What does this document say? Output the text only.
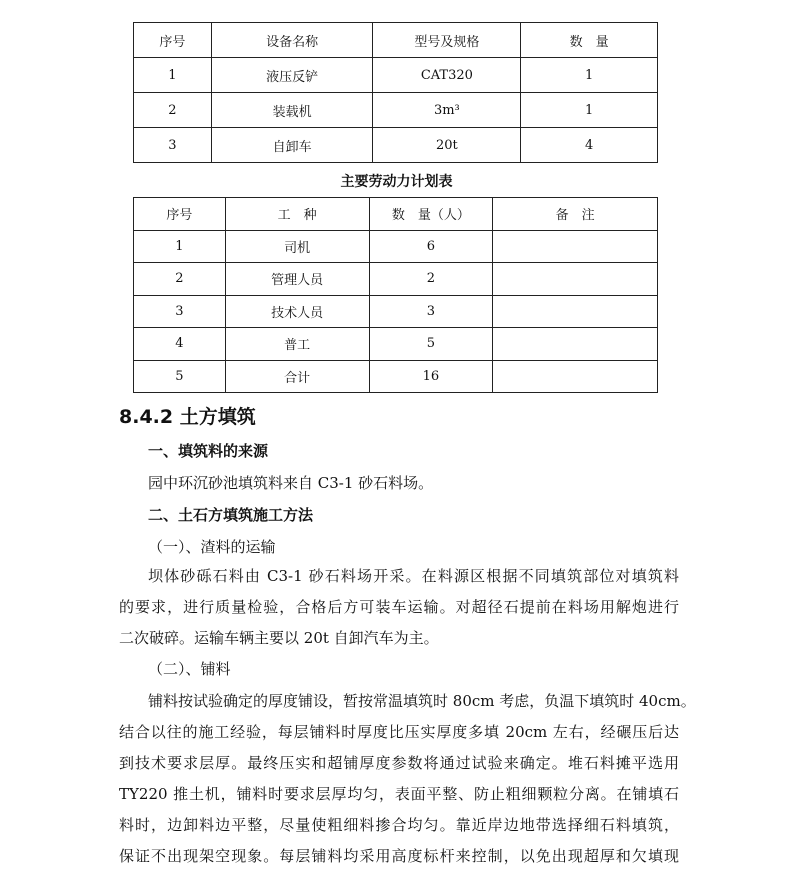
序号	设备名称	型号及规格	数　量
1	液压反铲	CAT320	1
2	装载机	3m³	1
3	自卸车	20t	4
主要劳动力计划表
序号	工　种	数　量（人）	备　注
1	司机	6	
2	管理人员	2	
3	技术人员	3	
4	普工	5	
5	合计	16	
8.4.2 土方填筑
一、填筑料的来源
园中环沉砂池填筑料来自 C3-1 砂石料场。
二、土石方填筑施工方法
（一）、渣料的运输
坝体砂砾石料由 C3-1 砂石料场开采。在料源区根据不同填筑部位对填筑料
的要求，进行质量检验，合格后方可装车运输。对超径石提前在料场用解炮进行
二次破碎。运输车辆主要以 20t 自卸汽车为主。
（二）、铺料
铺料按试验确定的厚度铺设，暂按常温填筑时 80cm 考虑，负温下填筑时 40cm。
结合以往的施工经验，每层铺料时厚度比压实厚度多填 20cm 左右，经碾压后达
到技术要求层厚。最终压实和超铺厚度参数将通过试验来确定。堆石料摊平选用
TY220 推土机，铺料时要求层厚均匀，表面平整、防止粗细颗粒分离。在铺填石
料时，边卸料边平整，尽量使粗细料掺合均匀。靠近岸边地带选择细石料填筑，
保证不出现架空现象。每层铺料均采用高度标杆来控制，以免出现超厚和欠填现
